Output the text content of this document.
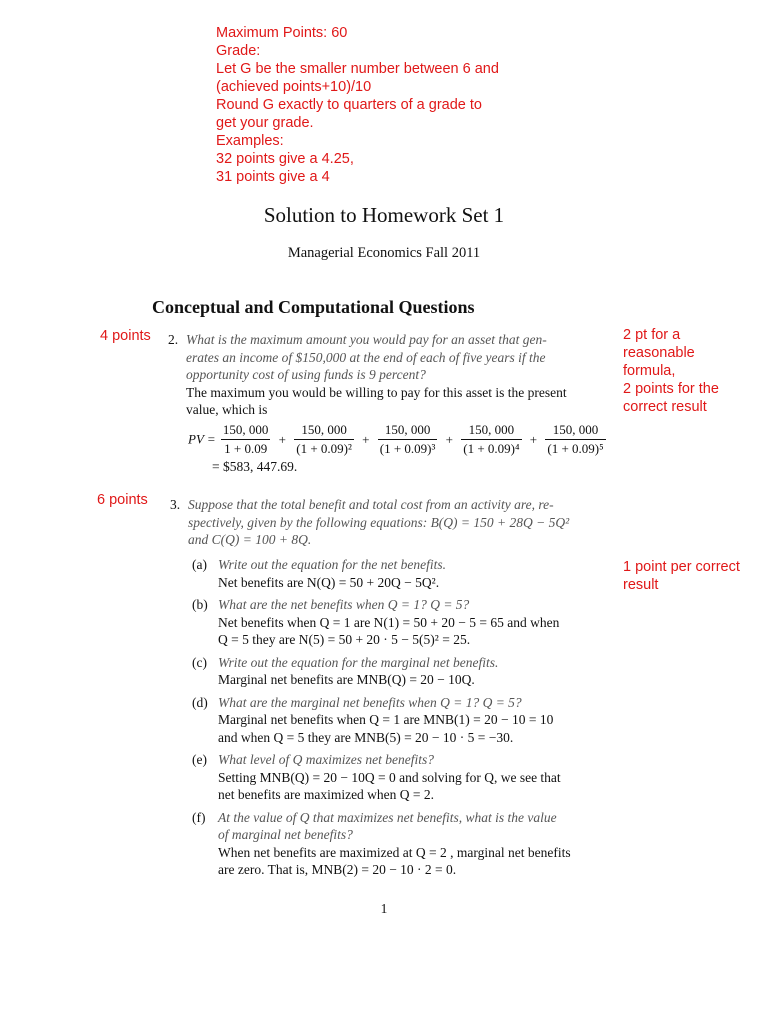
Maximum Points: 60
Grade:
Let G be the smaller number between 6 and
(achieved points+10)/10
Round G exactly to quarters of a grade to
get your grade.
Examples:
32 points give a 4.25,
31 points give a 4
Solution to Homework Set 1
Managerial Economics Fall 2011
Conceptual and Computational Questions
4 points 2. What is the maximum amount you would pay for an asset that gen-
erates an income of $150,000 at the end of each of five years if the
opportunity cost of using funds is 9 percent?
The maximum you would be willing to pay for this asset is the present
value, which is
2 pt for a
reasonable
formula,
2 points for the
correct result
PV = $\frac{150, 000}{1 + 0.09} + \frac{150, 000}{\text{(1 + 0.09)²}} + \frac{150, 000}{\text{(1 + 0.09)³}} + \frac{150, 000}{\text{(1 + 0.09)⁴}} + \frac{150, 000}{\text{(1 + 0.09)⁵}}$
= $583, 447.69.
6 points 3. Suppose that the total benefit and total cost from an activity are, re-
spectively, given by the following equations: B(Q) = 150 + 28Q − 5Q²
and C(Q) = 100 + 8Q.
1 point per correct
result
(a) Write out the equation for the net benefits.
Net benefits are N(Q) = 50 + 20Q − 5Q².
(b) What are the net benefits when Q = 1? Q = 5?
Net benefits when Q = 1 are N(1) = 50 + 20 − 5 = 65 and when
Q = 5 they are N(5) = 50 + 20 · 5 − 5(5)² = 25.
(c) Write out the equation for the marginal net benefits.
Marginal net benefits are MNB(Q) = 20 − 10Q.
(d) What are the marginal net benefits when Q = 1? Q = 5?
Marginal net benefits when Q = 1 are MNB(1) = 20 − 10 = 10
and when Q = 5 they are MNB(5) = 20 − 10 · 5 = −30.
(e) What level of Q maximizes net benefits?
Setting MNB(Q) = 20 − 10Q = 0 and solving for Q, we see that
net benefits are maximized when Q = 2.
(f) At the value of Q that maximizes net benefits, what is the value
of marginal net benefits?
When net benefits are maximized at Q = 2 , marginal net benefits
are zero. That is, MNB(2) = 20 − 10 · 2 = 0.
1
